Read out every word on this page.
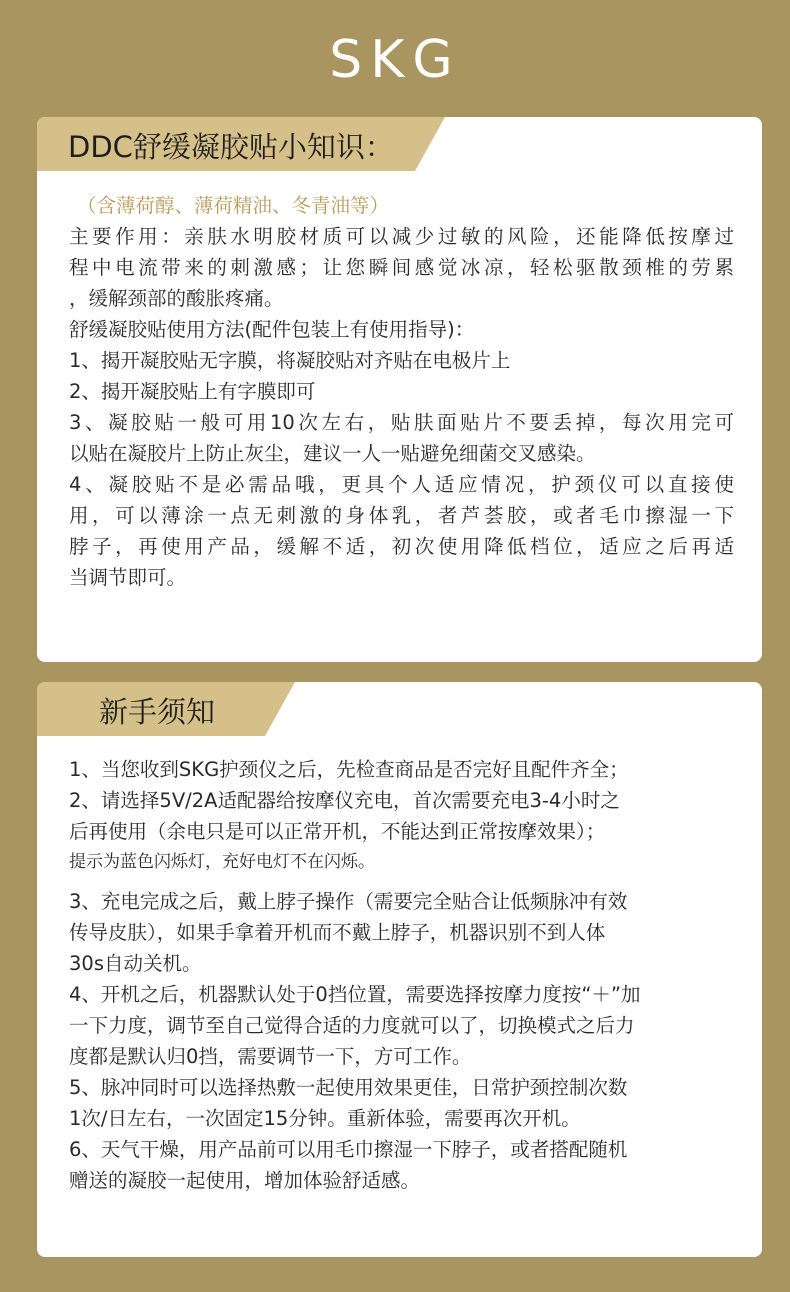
SKG
DDC舒缓凝胶贴小知识：
（含薄荷醇、薄荷精油、冬青油等）
主要作用：亲肤水明胶材质可以减少过敏的风险，还能降低按摩过
程中电流带来的刺激感；让您瞬间感觉冰凉，轻松驱散颈椎的劳累
，缓解颈部的酸胀疼痛。
舒缓凝胶贴使用方法(配件包装上有使用指导)：
1、揭开凝胶贴无字膜，将凝胶贴对齐贴在电极片上
2、揭开凝胶贴上有字膜即可
3、凝胶贴一般可用10次左右，贴肤面贴片不要丢掉，每次用完可
以贴在凝胶片上防止灰尘，建议一人一贴避免细菌交叉感染。
4、凝胶贴不是必需品哦，更具个人适应情况，护颈仪可以直接使
用，可以薄涂一点无刺激的身体乳，者芦荟胶，或者毛巾擦湿一下
脖子，再使用产品，缓解不适，初次使用降低档位，适应之后再适
当调节即可。
新手须知
1、当您收到SKG护颈仪之后，先检查商品是否完好且配件齐全；
2、请选择5V/2A适配器给按摩仪充电，首次需要充电3-4小时之
后再使用（余电只是可以正常开机，不能达到正常按摩效果）；
提示为蓝色闪烁灯，充好电灯不在闪烁。
3、充电完成之后，戴上脖子操作（需要完全贴合让低频脉冲有效
传导皮肤），如果手拿着开机而不戴上脖子，机器识别不到人体
30s自动关机。
4、开机之后，机器默认处于0挡位置，需要选择按摩力度按“＋”加
一下力度，调节至自己觉得合适的力度就可以了，切换模式之后力
度都是默认归0挡，需要调节一下，方可工作。
5、脉冲同时可以选择热敷一起使用效果更佳，日常护颈控制次数
1次/日左右，一次固定15分钟。重新体验，需要再次开机。
6、天气干燥，用产品前可以用毛巾擦湿一下脖子，或者搭配随机
赠送的凝胶一起使用，增加体验舒适感。
